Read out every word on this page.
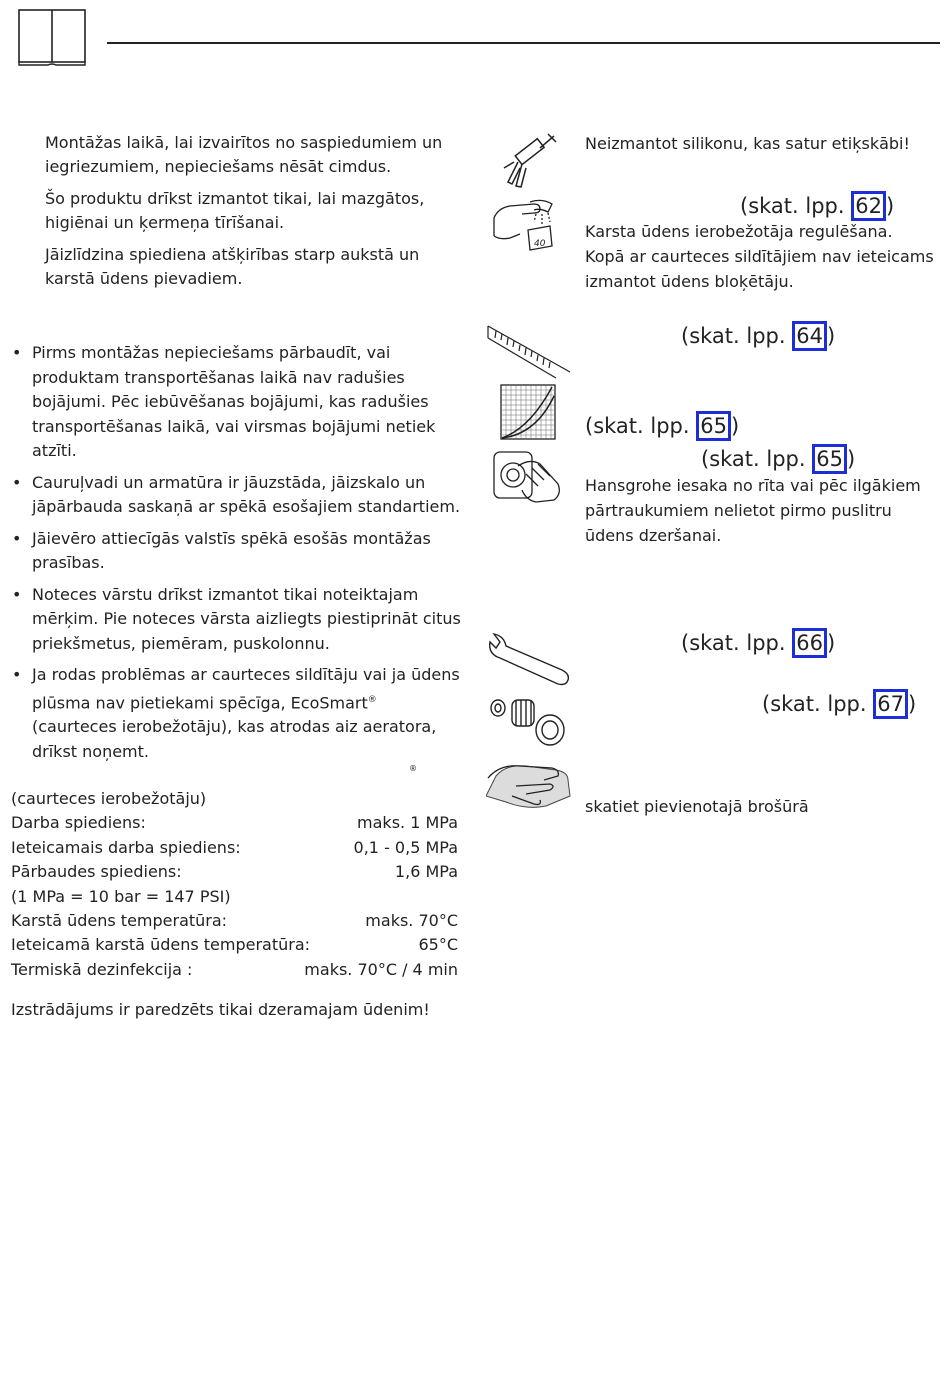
Montāžas laikā, lai izvairītos no saspiedumiem un iegriezumiem, nepieciešams nēsāt cimdus.

Šo produktu drīkst izmantot tikai, lai mazgātos, higiēnai un ķermeņa tīrīšanai.

Jāizlīdzina spiediena atšķirības starp aukstā un karstā ūdens pievadiem.

• Pirms montāžas nepieciešams pārbaudīt, vai produktam transportēšanas laikā nav radušies bojājumi. Pēc iebūvēšanas bojājumi, kas radušies transportēšanas laikā, vai virsmas bojājumi netiek atzīti.
• Cauruļvadi un armatūra ir jāuzstāda, jāizskalo un jāpārbauda saskaņā ar spēkā esošajiem standartiem.
• Jāievēro attiecīgās valstīs spēkā esošās montāžas prasības.
• Noteces vārstu drīkst izmantot tikai noteiktajam mērķim. Pie noteces vārsta aizliegts piestiprināt citus priekšmetus, piemēram, puskolonnu.
• Ja rodas problēmas ar caurteces sildītāju vai ja ūdens plūsma nav pietiekami spēcīga, EcoSmart® (caurteces ierobežotāju), kas atrodas aiz aeratora, drīkst noņemt.
®
(caurteces ierobežotāju)
Darba spiediens:	maks. 1 MPa
Ieteicamais darba spiediens:	0,1 - 0,5 MPa
Pārbaudes spiediens:	1,6 MPa
(1 MPa = 10 bar = 147 PSI)
Karstā ūdens temperatūra:	maks. 70°C
Ieteicamā karstā ūdens temperatūra:	65°C
Termiskā dezinfekcija :	maks. 70°C / 4 min
Izstrādājums ir paredzēts tikai dzeramajam ūdenim!
Neizmantot silikonu, kas satur etiķskābi!
40
(skat. lpp. 62 )
Karsta ūdens ierobežotāja regulēšana.
Kopā ar caurteces sildītājiem nav ieteicams izmantot ūdens bloķētāju.
(skat. lpp. 64 )
(skat. lpp. 65 )
(skat. lpp. 65 )
Hansgrohe iesaka no rīta vai pēc ilgākiem pārtraukumiem nelietot pirmo puslitru ūdens dzeršanai.
(skat. lpp. 66 )
(skat. lpp. 67 )
skatiet pievienotajā brošūrā
